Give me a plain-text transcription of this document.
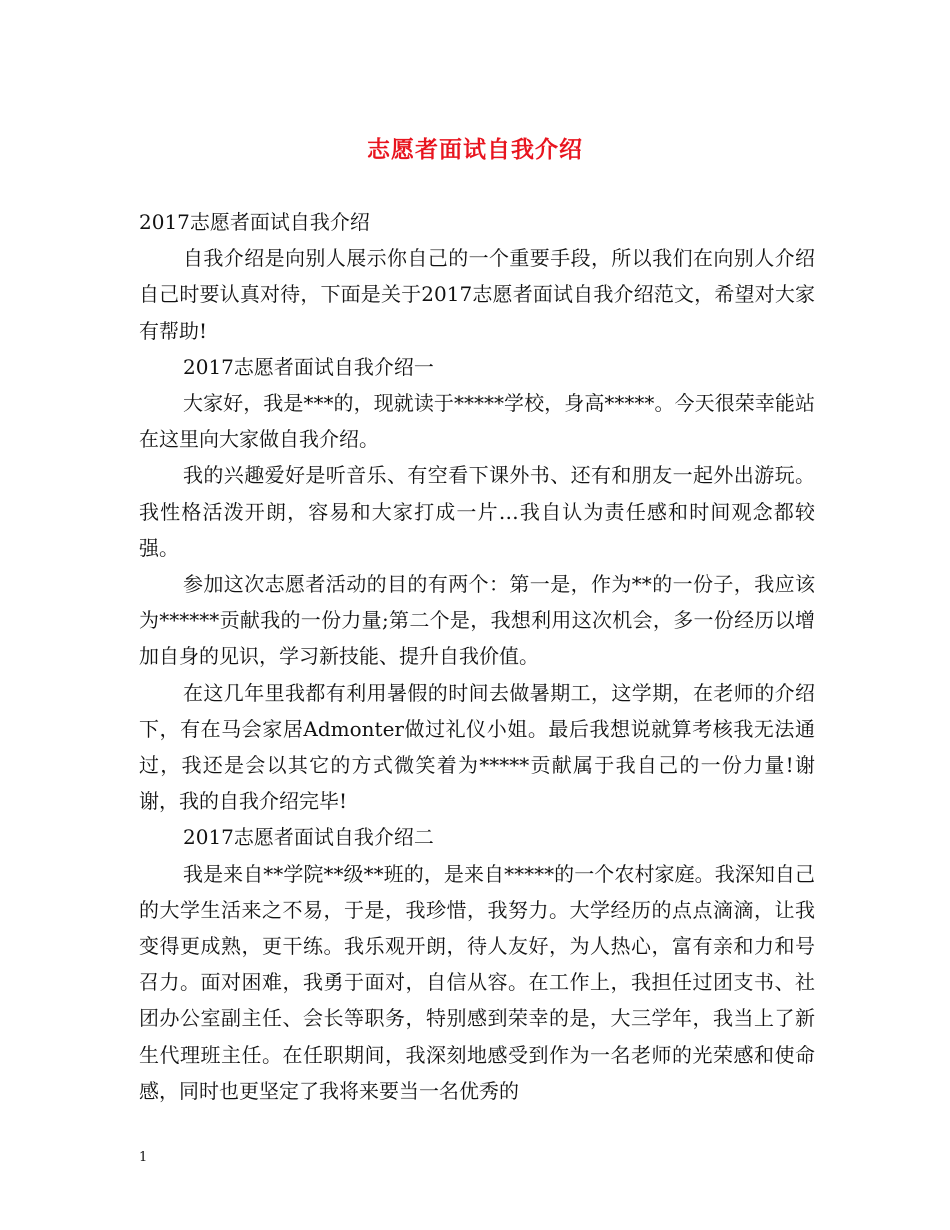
志愿者面试自我介绍

2017志愿者面试自我介绍

自我介绍是向别人展示你自己的一个重要手段，所以我们在向别人介绍自己时要认真对待，下面是关于2017志愿者面试自我介绍范文，希望对大家有帮助!

2017志愿者面试自我介绍一

大家好，我是***的，现就读于*****学校，身高*****。今天很荣幸能站在这里向大家做自我介绍。

我的兴趣爱好是听音乐、有空看下课外书、还有和朋友一起外出游玩。我性格活泼开朗，容易和大家打成一片…我自认为责任感和时间观念都较强。

参加这次志愿者活动的目的有两个：第一是，作为**的一份子，我应该为******贡献我的一份力量;第二个是，我想利用这次机会，多一份经历以增加自身的见识，学习新技能、提升自我价值。

在这几年里我都有利用暑假的时间去做暑期工，这学期，在老师的介绍下，有在马会家居Admonter做过礼仪小姐。最后我想说就算考核我无法通过，我还是会以其它的方式微笑着为*****贡献属于我自己的一份力量!谢谢，我的自我介绍完毕!

2017志愿者面试自我介绍二

我是来自**学院**级**班的，是来自*****的一个农村家庭。我深知自己的大学生活来之不易，于是，我珍惜，我努力。大学经历的点点滴滴，让我变得更成熟，更干练。我乐观开朗，待人友好，为人热心，富有亲和力和号召力。面对困难，我勇于面对，自信从容。在工作上，我担任过团支书、社团办公室副主任、会长等职务，特别感到荣幸的是，大三学年，我当上了新生代理班主任。在任职期间，我深刻地感受到作为一名老师的光荣感和使命感，同时也更坚定了我将来要当一名优秀的

1
